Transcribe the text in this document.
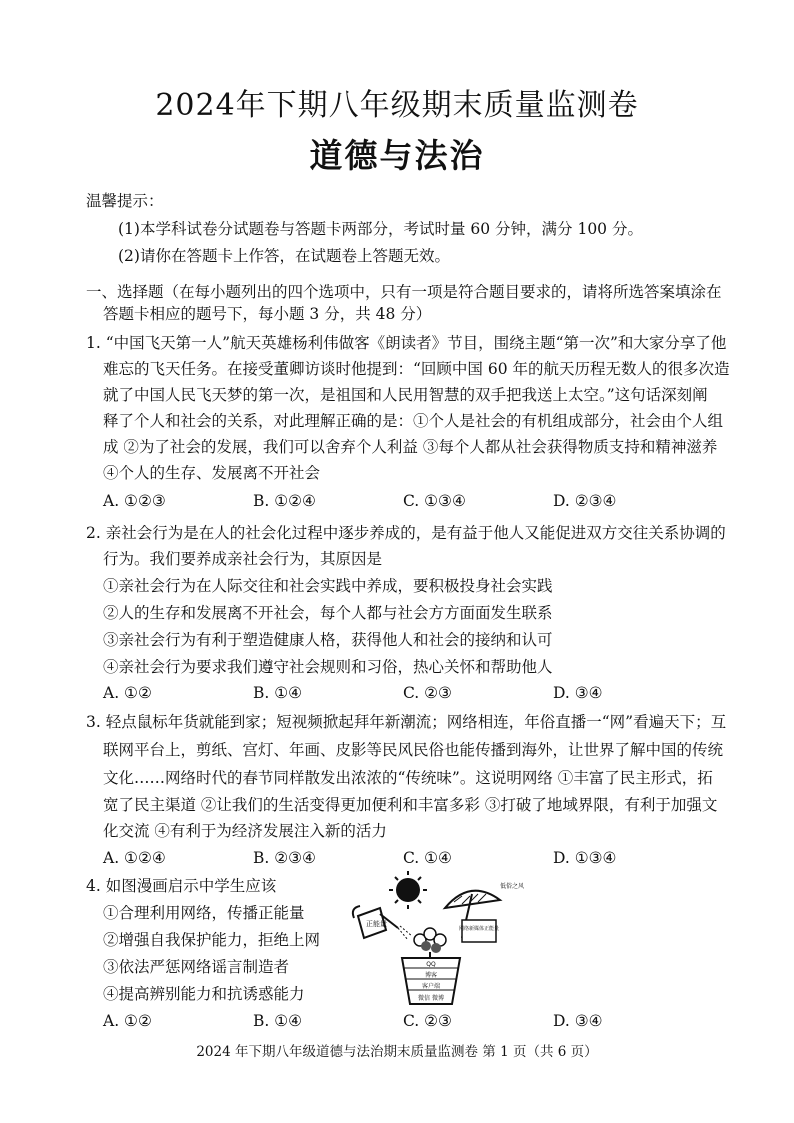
2024年下期八年级期末质量监测卷
道德与法治
温馨提示：
(1)本学科试卷分试题卷与答题卡两部分，考试时量 60 分钟，满分 100 分。
(2)请你在答题卡上作答，在试题卷上答题无效。
一、选择题（在每小题列出的四个选项中，只有一项是符合题目要求的，请将所选答案填涂在
答题卡相应的题号下，每小题 3 分，共 48 分）
1. “中国飞天第一人”航天英雄杨利伟做客《朗读者》节目，围绕主题“第一次”和大家分享了他
难忘的飞天任务。在接受董卿访谈时他提到：“回顾中国 60 年的航天历程无数人的很多次造
就了中国人民飞天梦的第一次，是祖国和人民用智慧的双手把我送上太空。”这句话深刻阐
释了个人和社会的关系，对此理解正确的是：①个人是社会的有机组成部分，社会由个人组
成 ②为了社会的发展，我们可以舍弃个人利益 ③每个人都从社会获得物质支持和精神滋养
④个人的生存、发展离不开社会
A. ①②③	B. ①②④	C. ①③④	D. ②③④
2. 亲社会行为是在人的社会化过程中逐步养成的，是有益于他人又能促进双方交往关系协调的
行为。我们要养成亲社会行为，其原因是
①亲社会行为在人际交往和社会实践中养成，要积极投身社会实践
②人的生存和发展离不开社会，每个人都与社会方方面面发生联系
③亲社会行为有利于塑造健康人格，获得他人和社会的接纳和认可
④亲社会行为要求我们遵守社会规则和习俗，热心关怀和帮助他人
A. ①②	B. ①④	C. ②③	D. ③④
3. 轻点鼠标年货就能到家；短视频掀起拜年新潮流；网络相连，年俗直播一“网”看遍天下；互
联网平台上，剪纸、宫灯、年画、皮影等民风民俗也能传播到海外，让世界了解中国的传统
文化……网络时代的春节同样散发出浓浓的“传统味”。这说明网络 ①丰富了民主形式，拓
宽了民主渠道 ②让我们的生活变得更加便利和丰富多彩 ③打破了地域界限，有利于加强文
化交流 ④有利于为经济发展注入新的活力
A. ①②④	B. ②③④	C. ①④	D. ①③④
4. 如图漫画启示中学生应该
①合理利用网络，传播正能量
②增强自我保护能力，拒绝上网
③依法严惩网络谣言制造者
④提高辨别能力和抗诱惑能力
A. ①②	B. ①④	C. ②③	D. ③④
正能量
低俗之风
网络新媒体正能量
QQ
博客
客户端
微信 微博
2024 年下期八年级道德与法治期末质量监测卷 第 1 页（共 6 页）
